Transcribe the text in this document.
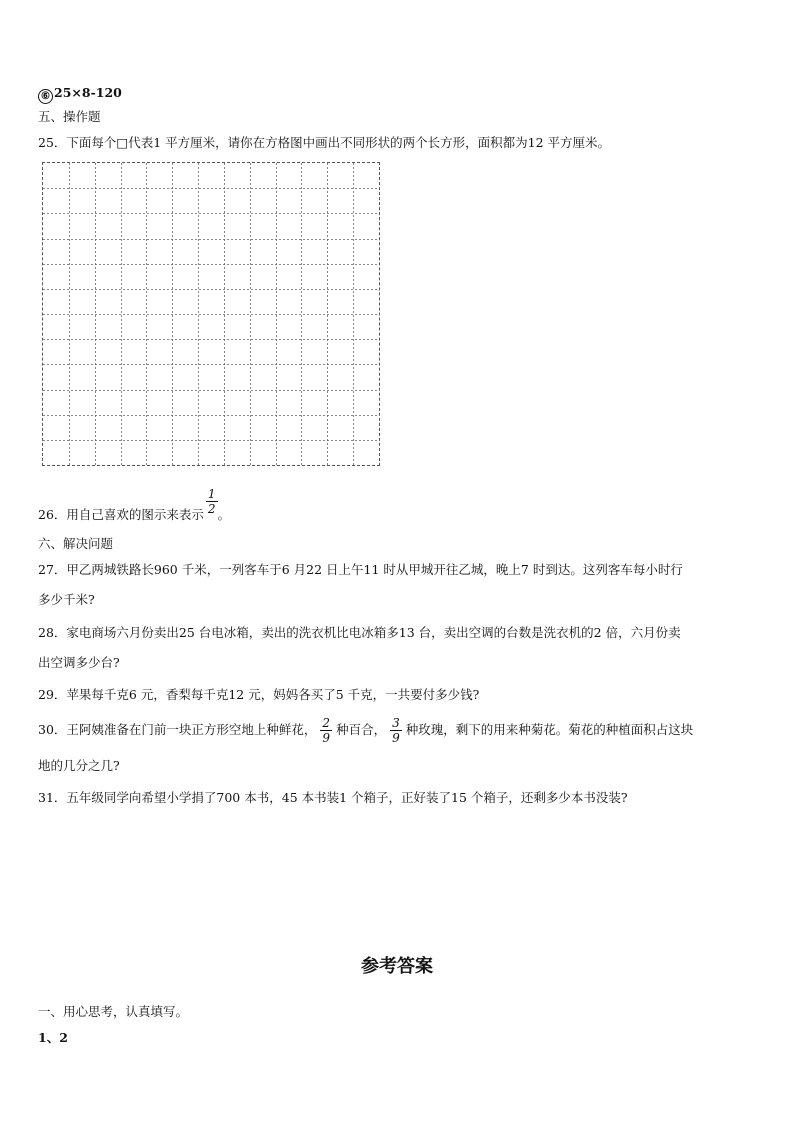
⑥ 25×8-120
五、操作题
25．下面每个□代表1 平方厘米，请你在方格图中画出不同形状的两个长方形，面积都为12 平方厘米。
26．用自己喜欢的图示来表示 $\frac{1}{2}$ 。
六、解决问题
27．甲乙两城铁路长960 千米，一列客车于6 月22 日上午11 时从甲城开往乙城，晚上7 时到达。这列客车每小时行
多少千米?
28．家电商场六月份卖出25 台电冰箱，卖出的洗衣机比电冰箱多13 台，卖出空调的台数是洗衣机的2 倍，六月份卖
出空调多少台?
29．苹果每千克6 元，香梨每千克12 元，妈妈各买了5 千克，一共要付多少钱?
30．王阿姨准备在门前一块正方形空地上种鲜花， $\frac{2}{9}$ 种百合， $\frac{3}{9}$ 种玫瑰，剩下的用来种菊花。菊花的种植面积占这块
地的几分之几?
31．五年级同学向希望小学捐了700 本书，45 本书装1 个箱子，正好装了15 个箱子，还剩多少本书没装?
参考答案
一、用心思考，认真填写。
1、2
